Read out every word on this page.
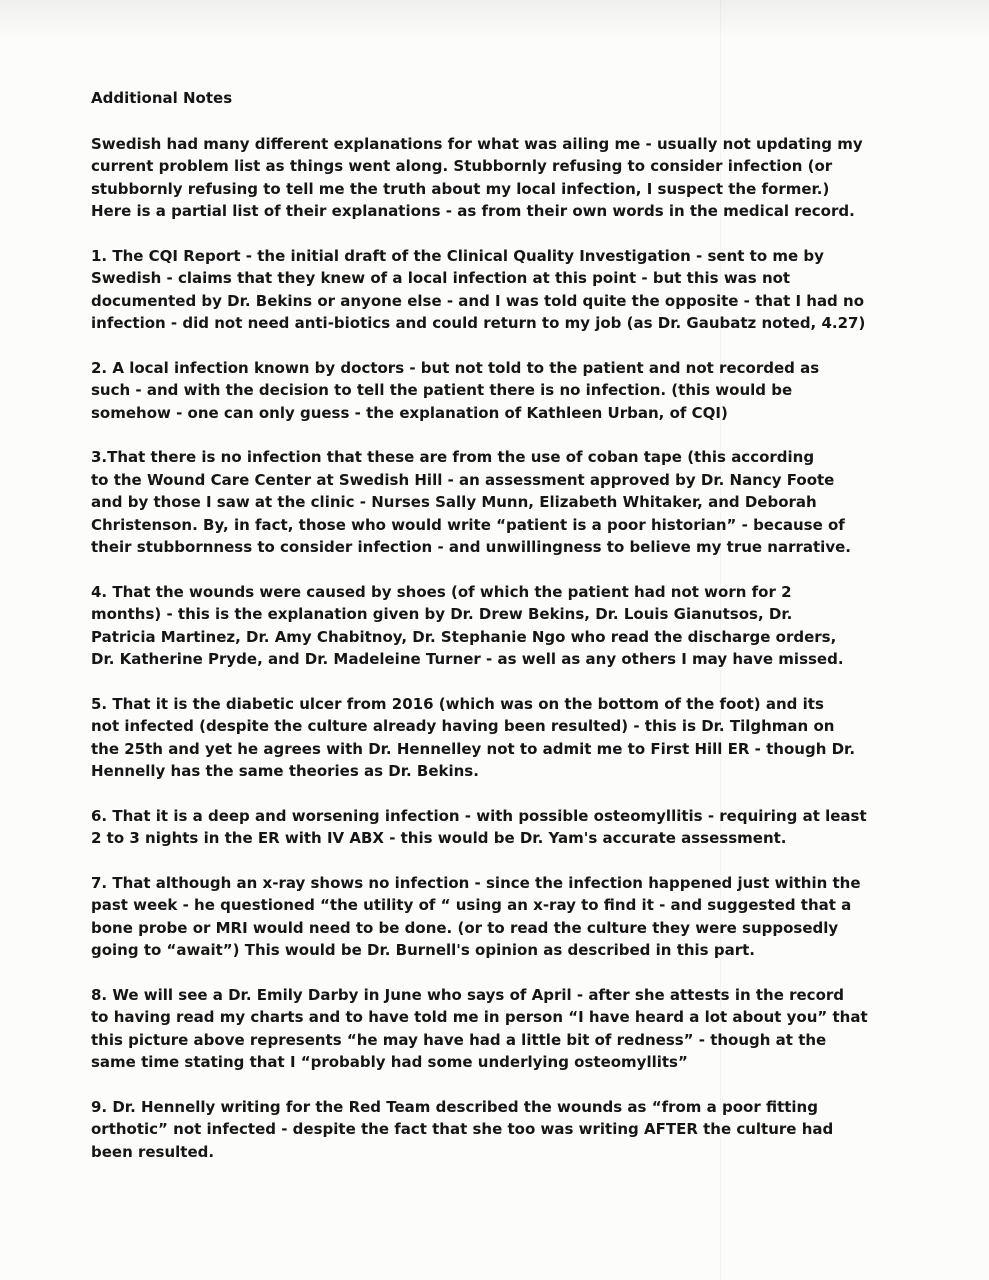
Additional Notes
Swedish had many different explanations for what was ailing me - usually not updating my
current problem list as things went along. Stubbornly refusing to consider infection (or
stubbornly refusing to tell me the truth about my local infection, I suspect the former.)
Here is a partial list of their explanations - as from their own words in the medical record.
1. The CQI Report - the initial draft of the Clinical Quality Investigation - sent to me by
Swedish - claims that they knew of a local infection at this point - but this was not
documented by Dr. Bekins or anyone else - and I was told quite the opposite - that I had no
infection - did not need anti-biotics and could return to my job (as Dr. Gaubatz noted, 4.27)
2. A local infection known by doctors - but not told to the patient and not recorded as
such - and with the decision to tell the patient there is no infection. (this would be
somehow - one can only guess - the explanation of Kathleen Urban, of CQI)
3.That there is no infection that these are from the use of coban tape (this according
to the Wound Care Center at Swedish Hill - an assessment approved by Dr. Nancy Foote
and by those I saw at the clinic - Nurses Sally Munn, Elizabeth Whitaker, and Deborah
Christenson. By, in fact, those who would write “patient is a poor historian” - because of
their stubbornness to consider infection - and unwillingness to believe my true narrative.
4. That the wounds were caused by shoes (of which the patient had not worn for 2
months) - this is the explanation given by Dr. Drew Bekins, Dr. Louis Gianutsos, Dr.
Patricia Martinez, Dr. Amy Chabitnoy, Dr. Stephanie Ngo who read the discharge orders,
Dr. Katherine Pryde, and Dr. Madeleine Turner - as well as any others I may have missed.
5. That it is the diabetic ulcer from 2016 (which was on the bottom of the foot) and its
not infected (despite the culture already having been resulted) - this is Dr. Tilghman on
the 25th and yet he agrees with Dr. Hennelley not to admit me to First Hill ER - though Dr.
Hennelly has the same theories as Dr. Bekins.
6. That it is a deep and worsening infection - with possible osteomyllitis - requiring at least
2 to 3 nights in the ER with IV ABX - this would be Dr. Yam's accurate assessment.
7. That although an x-ray shows no infection - since the infection happened just within the
past week - he questioned “the utility of “ using an x-ray to find it - and suggested that a
bone probe or MRI would need to be done. (or to read the culture they were supposedly
going to “await”) This would be Dr. Burnell's opinion as described in this part.
8. We will see a Dr. Emily Darby in June who says of April - after she attests in the record
to having read my charts and to have told me in person “I have heard a lot about you” that
this picture above represents “he may have had a little bit of redness” - though at the
same time stating that I “probably had some underlying osteomyllits”
9. Dr. Hennelly writing for the Red Team described the wounds as “from a poor fitting
orthotic” not infected - despite the fact that she too was writing AFTER the culture had
been resulted.
